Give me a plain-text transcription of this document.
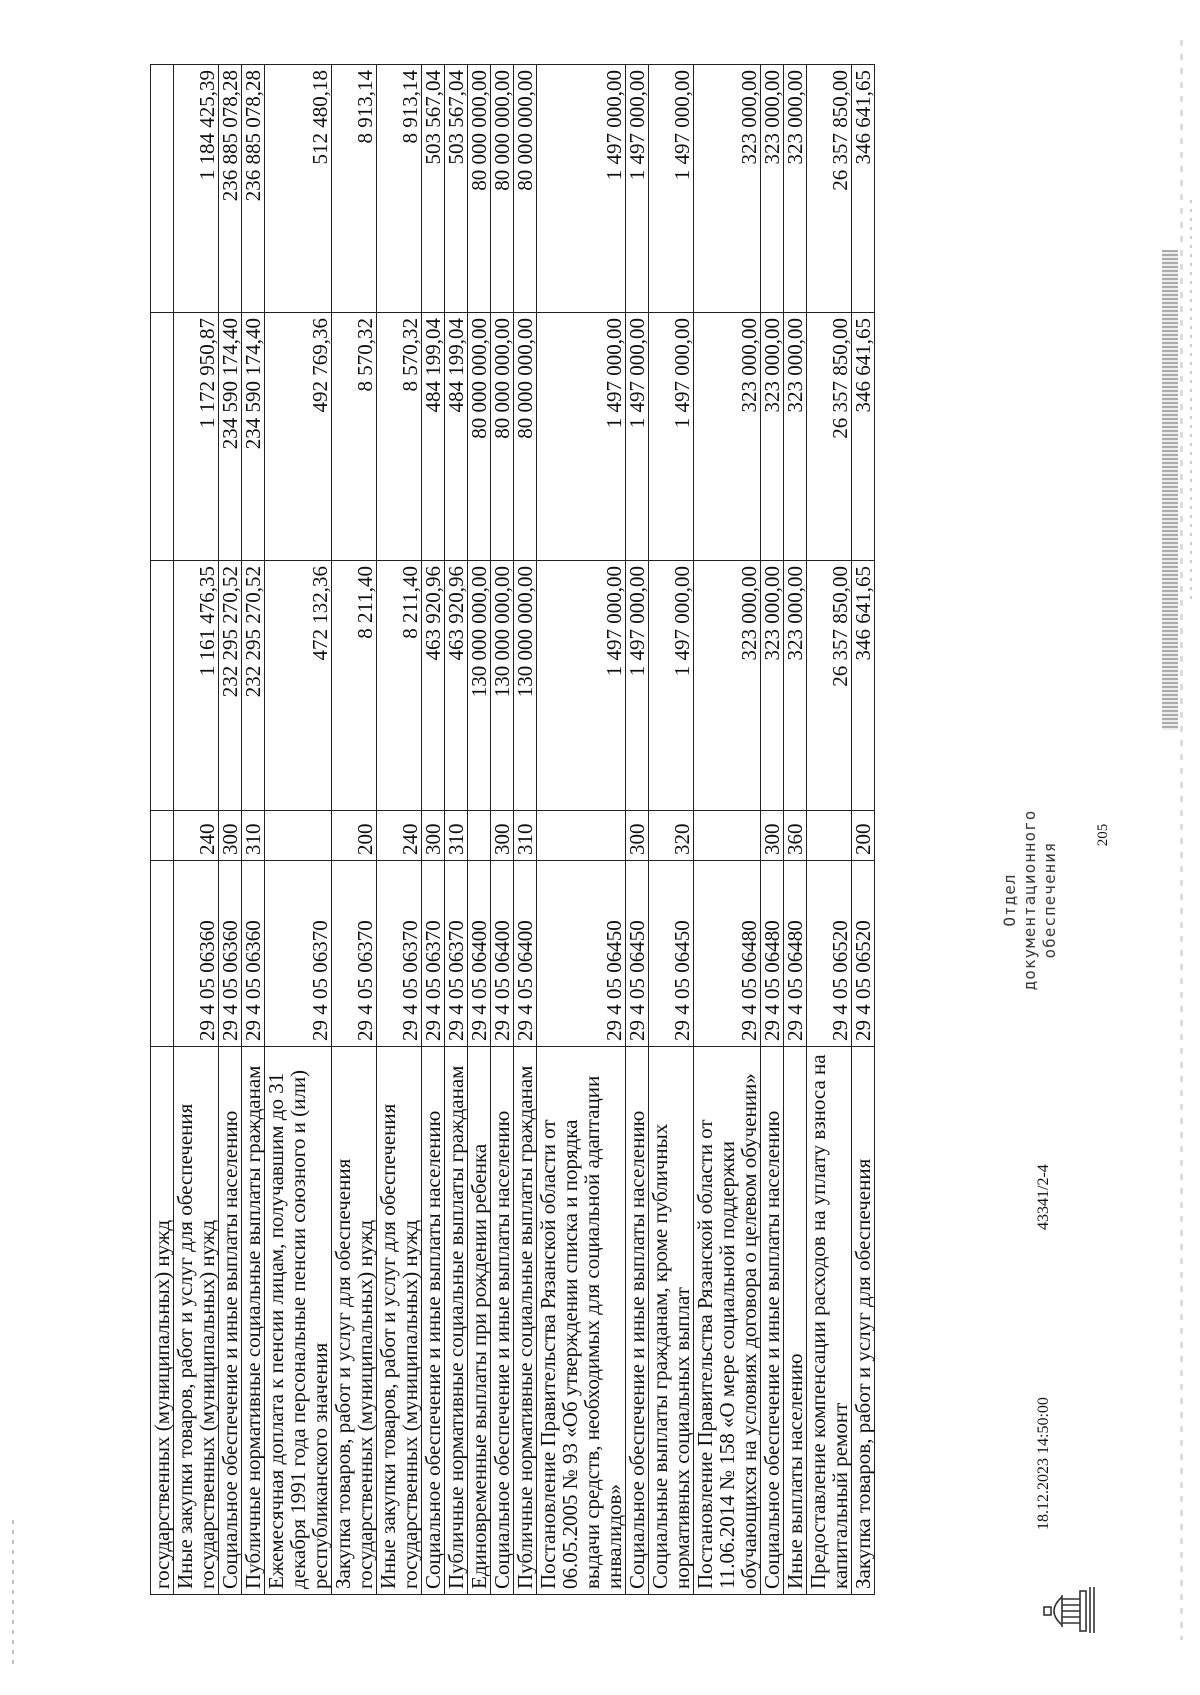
205
государственных (муниципальных) нужд					
Иные закупки товаров, работ и услуг для обеспечения государственных (муниципальных) нужд	29 4 05 06360	240	1 161 476,35	1 172 950,87	1 184 425,39
Социальное обеспечение и иные выплаты населению	29 4 05 06360	300	232 295 270,52	234 590 174,40	236 885 078,28
Публичные нормативные социальные выплаты гражданам	29 4 05 06360	310	232 295 270,52	234 590 174,40	236 885 078,28
Ежемесячная доплата к пенсии лицам, получавшим до 31 декабря 1991 года персональные пенсии союзного и (или) республиканского значения	29 4 05 06370		472 132,36	492 769,36	512 480,18
Закупка товаров, работ и услуг для обеспечения государственных (муниципальных) нужд	29 4 05 06370	200	8 211,40	8 570,32	8 913,14
Иные закупки товаров, работ и услуг для обеспечения государственных (муниципальных) нужд	29 4 05 06370	240	8 211,40	8 570,32	8 913,14
Социальное обеспечение и иные выплаты населению	29 4 05 06370	300	463 920,96	484 199,04	503 567,04
Публичные нормативные социальные выплаты гражданам	29 4 05 06370	310	463 920,96	484 199,04	503 567,04
Единовременные выплаты при рождении ребенка	29 4 05 06400		130 000 000,00	80 000 000,00	80 000 000,00
Социальное обеспечение и иные выплаты населению	29 4 05 06400	300	130 000 000,00	80 000 000,00	80 000 000,00
Публичные нормативные социальные выплаты гражданам	29 4 05 06400	310	130 000 000,00	80 000 000,00	80 000 000,00
Постановление Правительства Рязанской области от 06.05.2005 № 93 «Об утверждении списка и порядка выдачи средств, необходимых для социальной адаптации инвалидов»	29 4 05 06450		1 497 000,00	1 497 000,00	1 497 000,00
Социальное обеспечение и иные выплаты населению	29 4 05 06450	300	1 497 000,00	1 497 000,00	1 497 000,00
Социальные выплаты гражданам, кроме публичных нормативных социальных выплат	29 4 05 06450	320	1 497 000,00	1 497 000,00	1 497 000,00
Постановление Правительства Рязанской области от 11.06.2014 № 158 «О мере социальной поддержки обучающихся на условиях договора о целевом обучении»	29 4 05 06480		323 000,00	323 000,00	323 000,00
Социальное обеспечение и иные выплаты населению	29 4 05 06480	300	323 000,00	323 000,00	323 000,00
Иные выплаты населению	29 4 05 06480	360	323 000,00	323 000,00	323 000,00
Предоставление компенсации расходов на уплату взноса на капитальный ремонт	29 4 05 06520		26 357 850,00	26 357 850,00	26 357 850,00
Закупка товаров, работ и услуг для обеспечения	29 4 05 06520	200	346 641,65	346 641,65	346 641,65
18.12.2023 14:50:00
43341/2-4
Отдел документационного обеспечения
